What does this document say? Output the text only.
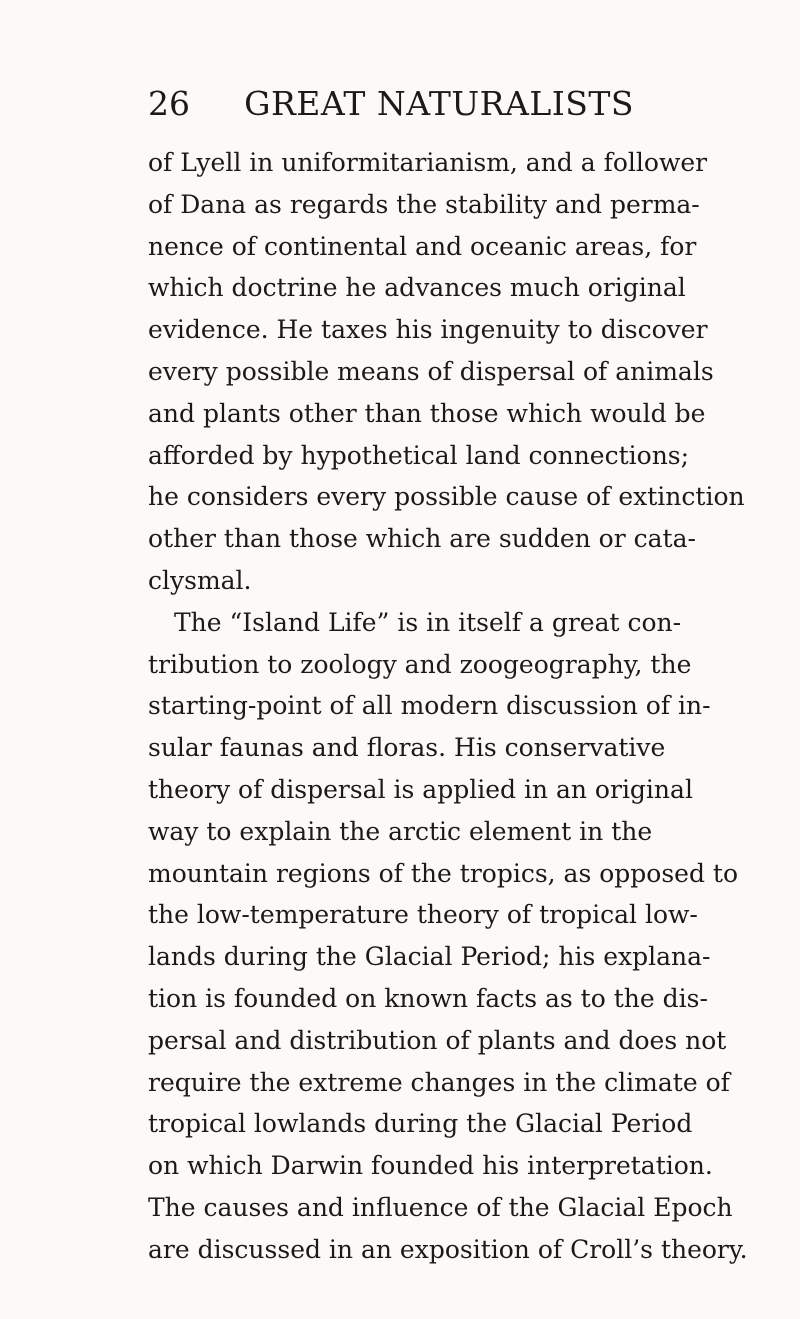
26 GREAT NATURALISTS
of Lyell in uniformitarianism, and a follower
of Dana as regards the stability and perma-
nence of continental and oceanic areas, for
which doctrine he advances much original
evidence. He taxes his ingenuity to discover
every possible means of dispersal of animals
and plants other than those which would be
afforded by hypothetical land connections;
he considers every possible cause of extinction
other than those which are sudden or cata-
clysmal.
The “Island Life” is in itself a great con-
tribution to zoology and zoogeography, the
starting-point of all modern discussion of in-
sular faunas and floras. His conservative
theory of dispersal is applied in an original
way to explain the arctic element in the
mountain regions of the tropics, as opposed to
the low-temperature theory of tropical low-
lands during the Glacial Period; his explana-
tion is founded on known facts as to the dis-
persal and distribution of plants and does not
require the extreme changes in the climate of
tropical lowlands during the Glacial Period
on which Darwin founded his interpretation.
The causes and influence of the Glacial Epoch
are discussed in an exposition of Croll’s theory.
